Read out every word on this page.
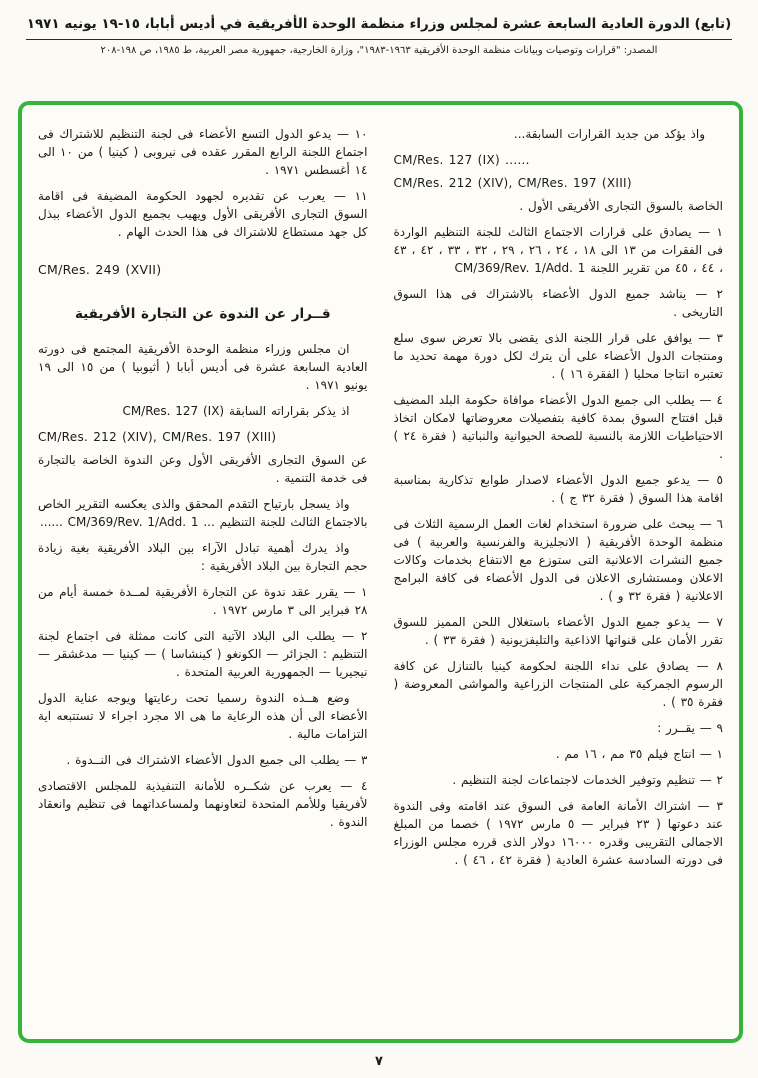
(تابع) الدورة العادية السابعة عشرة لمجلس وزراء منظمة الوحدة الأفريقية في أديس أبابا، ١٥-١٩ يونيه ١٩٧١
المصدر: "قرارات وتوصيات وبيانات منظمة الوحدة الأفريقية ١٩٦٣-١٩٨٣"، وزارة الخارجية، جمهورية مصر العربية، ط ١٩٨٥، ص ١٩٨-٢٠٨

واذ يؤكد من جديد القرارات السابقة...

CM/Res. 127 (IX) ......

CM/Res. 212 (XIV), CM/Res. 197 (XIII)

الخاصة بالسوق التجارى الأفريقى الأول .

١ — يصادق على قرارات الاجتماع الثالث للجنة التنظيم الواردة فى الفقرات من ١٣ الى ١٨ ، ٢٤ ، ٢٦ ، ٢٩ ، ٣٢ ، ٣٣ ، ٤٢ ، ٤٣ ، ٤٤ ، ٤٥ من تقرير اللجنة CM/369/Rev. 1/Add. 1

٢ — يناشد جميع الدول الأعضاء بالاشتراك فى هذا السوق التاريخى .

٣ — يوافق على قرار اللجنة الذى يقضى بالا تعرض سوى سلع ومنتجات الدول الأعضاء على أن يترك لكل دورة مهمة تحديد ما تعتبره انتاجا محليا ( الفقرة ١٦ ) .

٤ — يطلب الى جميع الدول الأعضاء موافاة حكومة البلد المضيف قبل افتتاح السوق بمدة كافية بتفصيلات معروضاتها لامكان اتخاذ الاحتياطيات اللازمة بالنسبة للصحة الحيوانية والنباتية ( فقرة ٢٤ ) .

٥ — يدعو جميع الدول الأعضاء لاصدار طوابع تذكارية بمناسبة اقامة هذا السوق ( فقرة ٣٢ ج ) .

٦ — يبحث على ضرورة استخدام لغات العمل الرسمية الثلاث فى منظمة الوحدة الأفريقية ( الانجليزية والفرنسية والعربية ) فى جميع النشرات الاعلانية التى ستوزع مع الانتفاع بخدمات وكالات الاعلان ومستشارى الاعلان فى الدول الأعضاء فى كافة البرامج الاعلانية ( فقرة ٣٢ و ) .

٧ — يدعو جميع الدول الأعضاء باستغلال اللحن المميز للسوق تقرر الأمان على قنواتها الاذاعية والتليفزيونية ( فقرة ٣٣ ) .

٨ — يصادق على نداء اللجنة لحكومة كينيا بالتنازل عن كافة الرسوم الجمركية على المنتجات الزراعية والمواشى المعروضة ( فقرة ٣٥ ) .

٩ — يقــرر :

١ — انتاج فيلم ٣٥ مم ، ١٦ مم .

٢ — تنظيم وتوفير الخدمات لاجتماعات لجنة التنظيم .

٣ — اشتراك الأمانة العامة فى السوق عند اقامته وفى الندوة عند دعوتها ( ٢٣ فبراير — ٥ مارس ١٩٧٢ ) خصما من المبلغ الاجمالى التقريبى وقدره ١٦٠٠٠ دولار الذى قرره مجلس الوزراء فى دورته السادسة عشرة العادية ( فقرة ٤٢ ، ٤٦ ) .

١٠ — يدعو الدول التسع الأعضاء فى لجنة التنظيم للاشتراك فى اجتماع اللجنة الرابع المقرر عقده فى نيروبى ( كينيا ) من ١٠ الى ١٤ أغسطس ١٩٧١ .

١١ — يعرب عن تقديره لجهود الحكومة المضيفة فى اقامة السوق التجارى الأفريقى الأول ويهيب بجميع الدول الأعضاء ببذل كل جهد مستطاع للاشتراك فى هذا الحدث الهام .

CM/Res. 249 (XVII)

قــرار عن الندوة عن التجارة الأفريقية

ان مجلس وزراء منظمة الوحدة الأفريقية المجتمع فى دورته العادية السابعة عشرة فى أديس أبابا ( أثيوبيا ) من ١٥ الى ١٩ يونيو ١٩٧١ .

اذ يذكر بقراراته السابقة CM/Res. 127 (IX)

CM/Res. 212 (XIV), CM/Res. 197 (XIII)

عن السوق التجارى الأفريقى الأول وعن الندوة الخاصة بالتجارة فى خدمة التنمية .

واذ يسجل بارتياح التقدم المحقق والذى يعكسه التقرير الخاص بالاجتماع الثالث للجنة التنظيم ... CM/369/Rev. 1/Add. 1 ......

واذ يدرك أهمية تبادل الآراء بين البلاد الأفريقية بغية زيادة حجم التجارة بين البلاد الأفريقية :

١ — يقرر عقد ندوة عن التجارة الأفريقية لمــدة خمسة أيام من ٢٨ فبراير الى ٣ مارس ١٩٧٢ .

٢ — يطلب الى البلاد الآتية التى كانت ممثلة فى اجتماع لجنة التنظيم : الجزائر — الكونغو ( كينشاسا ) — كينيا — مدغشقر — نيجيريا — الجمهورية العربية المتحدة .

وضع هــذه الندوة رسميا تحت رعايتها ويوجه عناية الدول الأعضاء الى أن هذه الرعاية ما هى الا مجرد اجراء لا تستتبعه اية التزامات مالية .

٣ — يطلب الى جميع الدول الأعضاء الاشتراك فى النــدوة .

٤ — يعرب عن شكــره للأمانة التنفيذية للمجلس الاقتصادى لأفريقيا وللأمم المتحدة لتعاونهما ولمساعداتهما فى تنظيم وانعقاد الندوة .

٧
